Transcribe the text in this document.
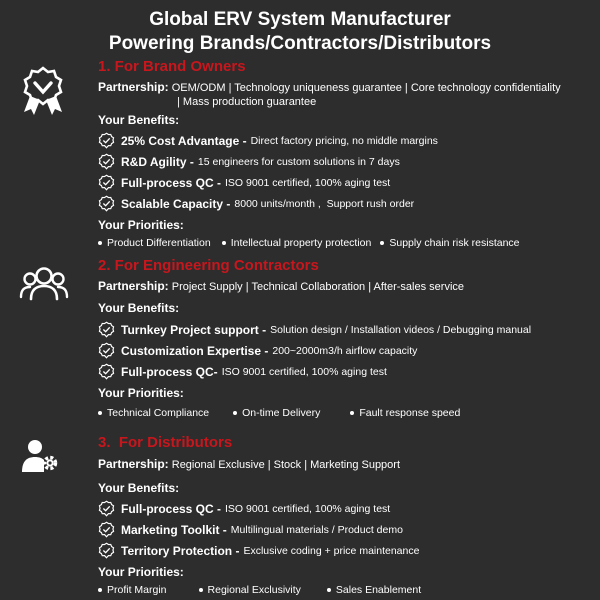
Global ERV System Manufacturer
Powering Brands/Contractors/Distributors

1. For Brand Owners

Partnership: OEM/ODM | Technology uniqueness guarantee | Core technology confidentiality

| Mass production guarantee
Your Benefits:
25% Cost Advantage - Direct factory pricing, no middle margins
R&D Agility - 15 engineers for custom solutions in 7 days
Full-process QC - ISO 9001 certified, 100% aging test
Scalable Capacity - 8000 units/month ,  Support rush order
Your Priorities:
Product Differentiation	Intellectual property protection	Supply chain risk resistance

2. For Engineering Contractors

Partnership: Project Supply | Technical Collaboration | After-sales service

Your Benefits:
Turnkey Project support - Solution design / Installation videos / Debugging manual
Customization Expertise - 200~2000m3/h airflow capacity
Full-process QC- ISO 9001 certified, 100% aging test
Your Priorities:
Technical Compliance	On-time Delivery	Fault response speed

3.  For Distributors

Partnership: Regional Exclusive | Stock | Marketing Support

Your Benefits:
Full-process QC - ISO 9001 certified, 100% aging test
Marketing Toolkit - Multilingual materials / Product demo
Territory Protection - Exclusive coding + price maintenance
Your Priorities:
Profit Margin	Regional Exclusivity	Sales Enablement
